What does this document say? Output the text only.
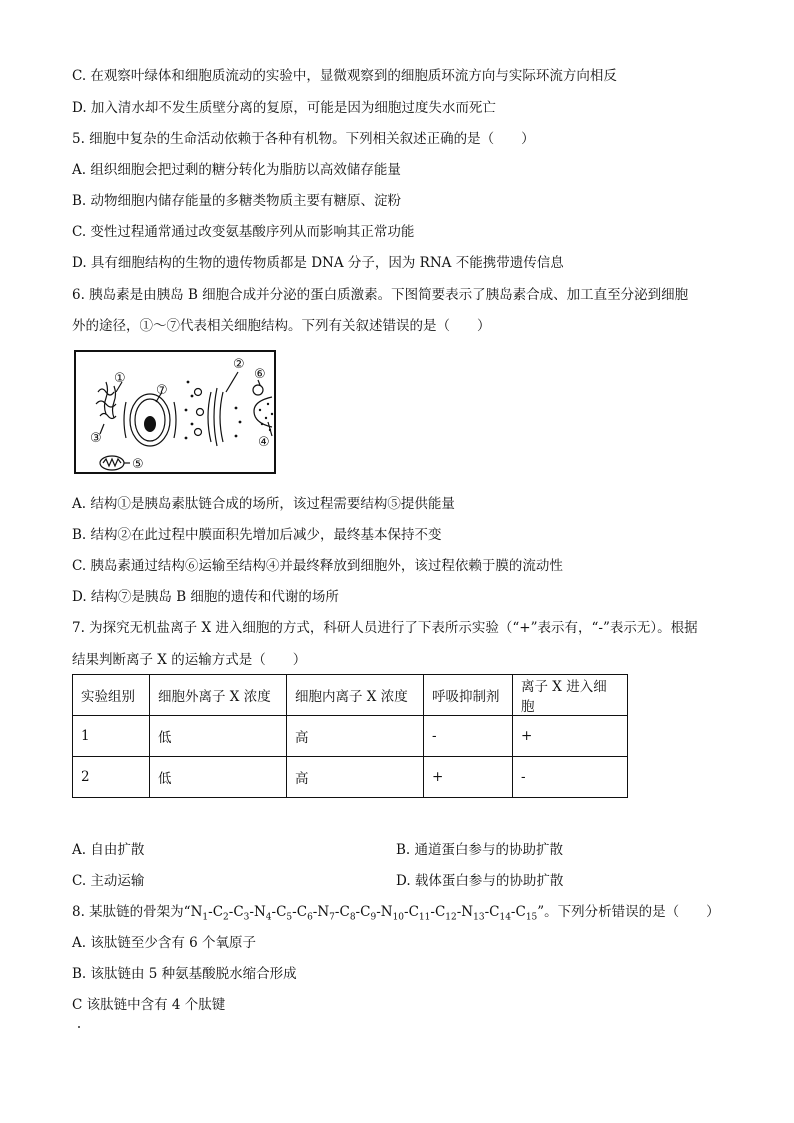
C. 在观察叶绿体和细胞质流动的实验中，显微观察到的细胞质环流方向与实际环流方向相反
D. 加入清水却不发生质壁分离的复原，可能是因为细胞过度失水而死亡
5. 细胞中复杂的生命活动依赖于各种有机物。下列相关叙述正确的是（　　）
A. 组织细胞会把过剩的糖分转化为脂肪以高效储存能量
B. 动物细胞内储存能量的多糖类物质主要有糖原、淀粉
C. 变性过程通常通过改变氨基酸序列从而影响其正常功能
D. 具有细胞结构的生物的遗传物质都是 DNA 分子，因为 RNA 不能携带遗传信息
6. 胰岛素是由胰岛 B 细胞合成并分泌的蛋白质激素。下图简要表示了胰岛素合成、加工直至分泌到细胞
外的途径，①～⑦代表相关细胞结构。下列有关叙述错误的是（　　）
①
②
③	④
⑤
⑥
⑦
A. 结构①是胰岛素肽链合成的场所，该过程需要结构⑤提供能量
B. 结构②在此过程中膜面积先增加后减少，最终基本保持不变
C. 胰岛素通过结构⑥运输至结构④并最终释放到细胞外，该过程依赖于膜的流动性
D. 结构⑦是胰岛 B 细胞的遗传和代谢的场所
7. 为探究无机盐离子 X 进入细胞的方式，科研人员进行了下表所示实验（“+”表示有，“-”表示无）。根据
结果判断离子 X 的运输方式是（　　）
实验组别	细胞外离子 X 浓度	细胞内离子 X 浓度	呼吸抑制剂	离子 X 进入细胞
1	低	高	-	+
2	低	高	+	-
A. 自由扩散	B. 通道蛋白参与的协助扩散
C. 主动运输	D. 载体蛋白参与的协助扩散
8. 某肽链的骨架为“$N_1-C_2-C_3-N_4-C_5-C_6-N_7-C_8-C_9-N_{10}-C_{11}-C_{12}-N_{13}-C_{14}-C_{15}$”。下列分析错误的是（　　）
A. 该肽链至少含有 6 个氧原子
B. 该肽链由 5 种氨基酸脱水缩合形成
C 该肽链中含有 4 个肽键
